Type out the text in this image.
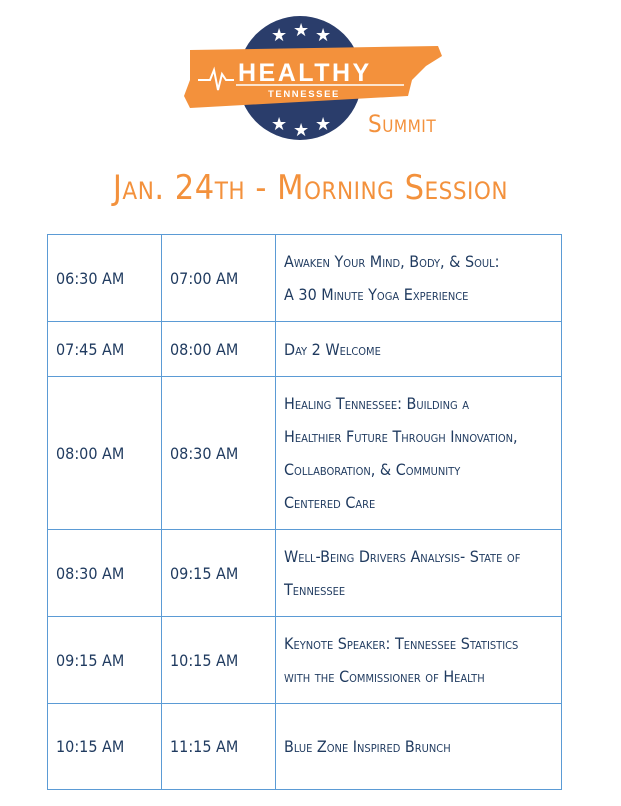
★ ★ ★
★ ★ ★
HEALTHY
TENNESSEE
Summit
Jan. 24th - Morning Session
06:30 AM	07:00 AM	Awaken Your Mind, Body, & Soul:
A 30 Minute Yoga Experience

07:45 AM	08:00 AM	Day 2 Welcome

08:00 AM	08:30 AM	Healing Tennessee: Building a
Healthier Future Through Innovation,
Collaboration, & Community
Centered Care

08:30 AM	09:15 AM	Well-Being Drivers Analysis- State of
Tennessee

09:15 AM	10:15 AM	Keynote Speaker: Tennessee Statistics
with the Commissioner of Health

10:15 AM	11:15 AM	Blue Zone Inspired Brunch
